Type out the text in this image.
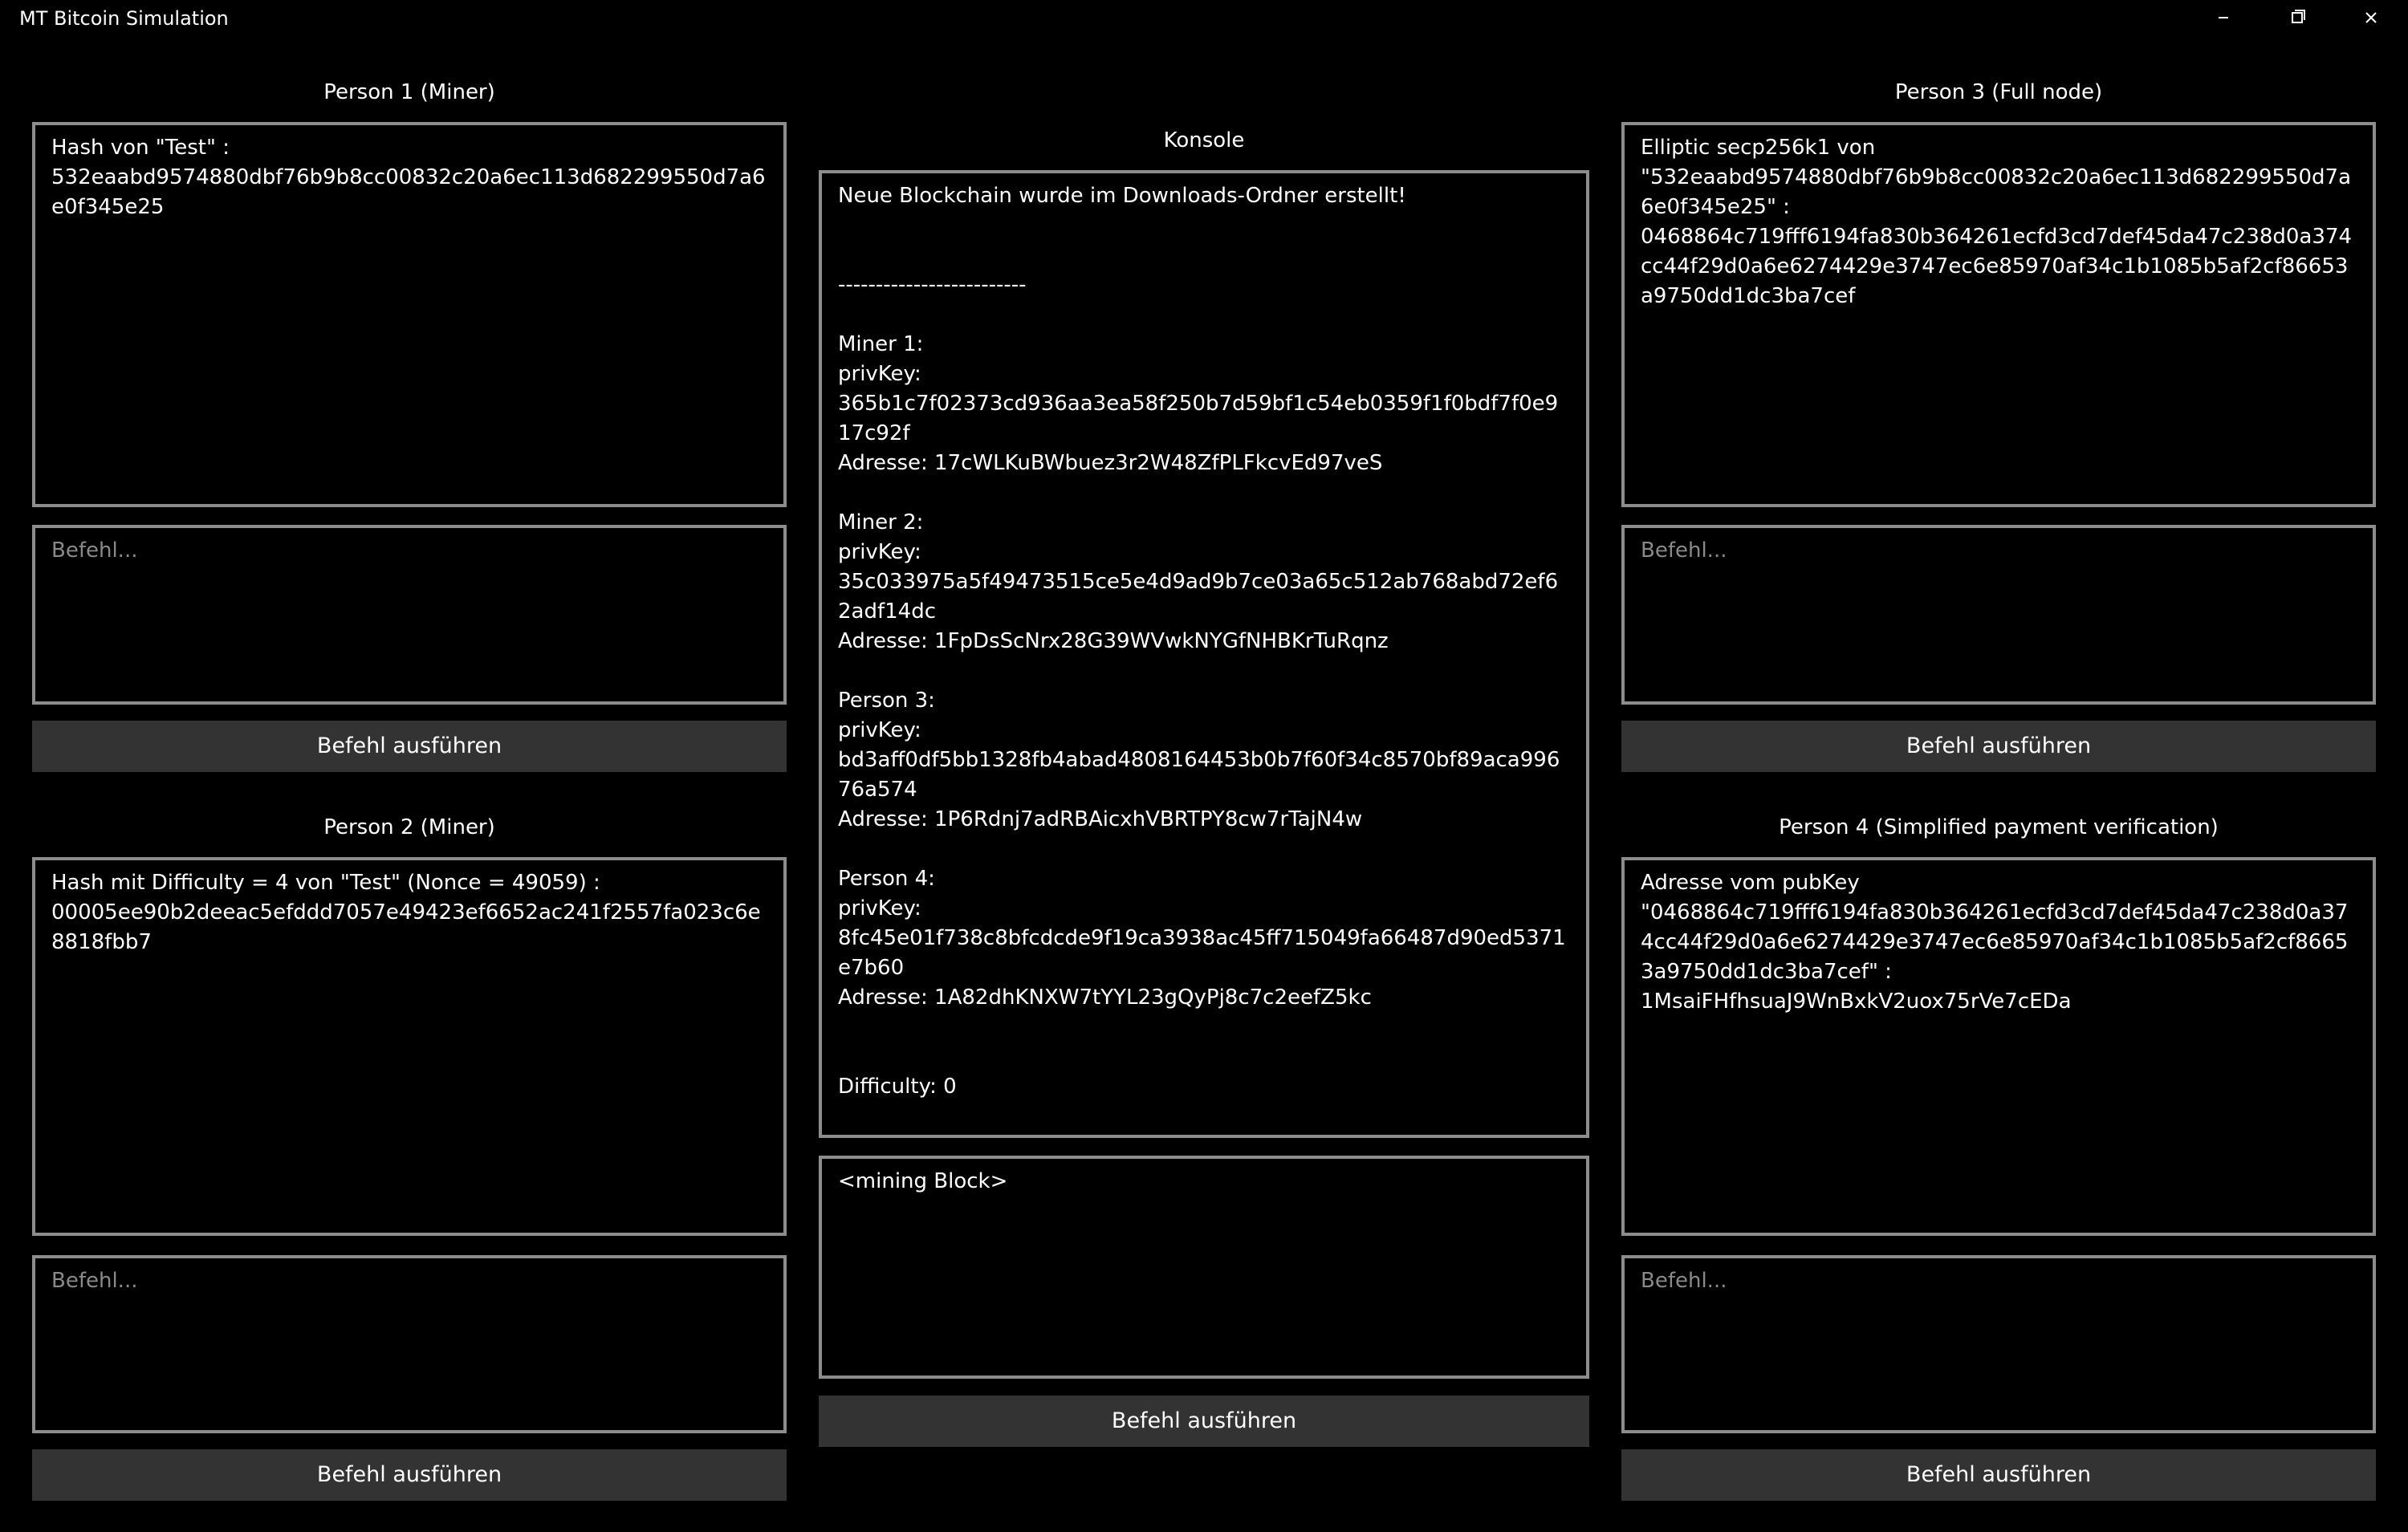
MT Bitcoin Simulation
Person 1 (Miner)
Hash von "Test" :
532eaabd9574880dbf76b9b8cc00832c20a6ec113d682299550d7a6e0f345e25
Befehl...
Befehl ausführen
Person 2 (Miner)
Hash mit Difficulty = 4 von "Test" (Nonce = 49059) :
00005ee90b2deeac5efddd7057e49423ef6652ac241f2557fa023c6e8818fbb7
Befehl...
Befehl ausführen
Konsole
Neue Blockchain wurde im Downloads-Ordner erstellt!

-------------------------

Miner 1:
privKey:
365b1c7f02373cd936aa3ea58f250b7d59bf1c54eb0359f1f0bdf7f0e917c92f
Adresse: 17cWLKuBWbuez3r2W48ZfPLFkcvEd97veS

Miner 2:
privKey:
35c033975a5f49473515ce5e4d9ad9b7ce03a65c512ab768abd72ef62adf14dc
Adresse: 1FpDsScNrx28G39WVwkNYGfNHBKrTuRqnz

Person 3:
privKey:
bd3aff0df5bb1328fb4abad4808164453b0b7f60f34c8570bf89aca99676a574
Adresse: 1P6Rdnj7adRBAicxhVBRTPY8cw7rTajN4w

Person 4:
privKey:
8fc45e01f738c8bfcdcde9f19ca3938ac45ff715049fa66487d90ed5371e7b60
Adresse: 1A82dhKNXW7tYYL23gQyPj8c7c2eefZ5kc

Difficulty: 0

<mining Block>
Befehl ausführen
Person 3 (Full node)
Elliptic secp256k1 von
"532eaabd9574880dbf76b9b8cc00832c20a6ec113d682299550d7a6e0f345e25" :
0468864c719fff6194fa830b364261ecfd3cd7def45da47c238d0a374cc44f29d0a6e6274429e3747ec6e85970af34c1b1085b5af2cf86653a9750dd1dc3ba7cef
Befehl...
Befehl ausführen
Person 4 (Simplified payment verification)
Adresse vom pubKey
"0468864c719fff6194fa830b364261ecfd3cd7def45da47c238d0a374cc44f29d0a6e6274429e3747ec6e85970af34c1b1085b5af2cf86653a9750dd1dc3ba7cef" :
1MsaiFHfhsuaJ9WnBxkV2uox75rVe7cEDa
Befehl...
Befehl ausführen
